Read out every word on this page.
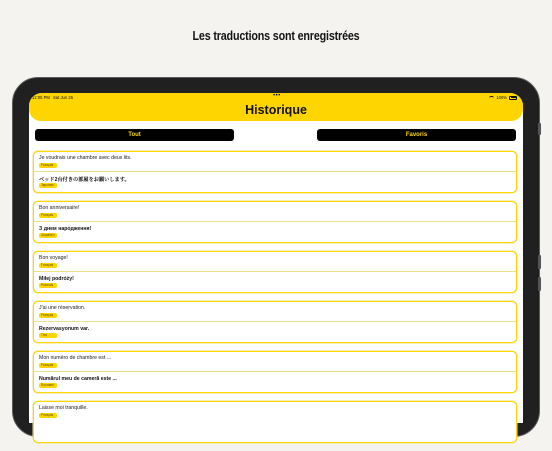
Les traductions sont enregistrées
12:05 PM Sat Jun 25	•••	100%
Historique
Tout	Favoris
Je voudrais une chambre avec deux lits.
Français
ベッド2台付きの部屋をお願いします。
Japonais
Bon anniversaire!
Français
З днем народження!
Ukrainien
Bon voyage!
Français
Miłej podróży!
Polonais
J'ai une réservation.
Français
Rezervasyonum var.
Turc
Mon numéro de chambre est ...
Français
Numărul meu de cameră este ...
Roumain
Laisse moi tranquille.
Français
